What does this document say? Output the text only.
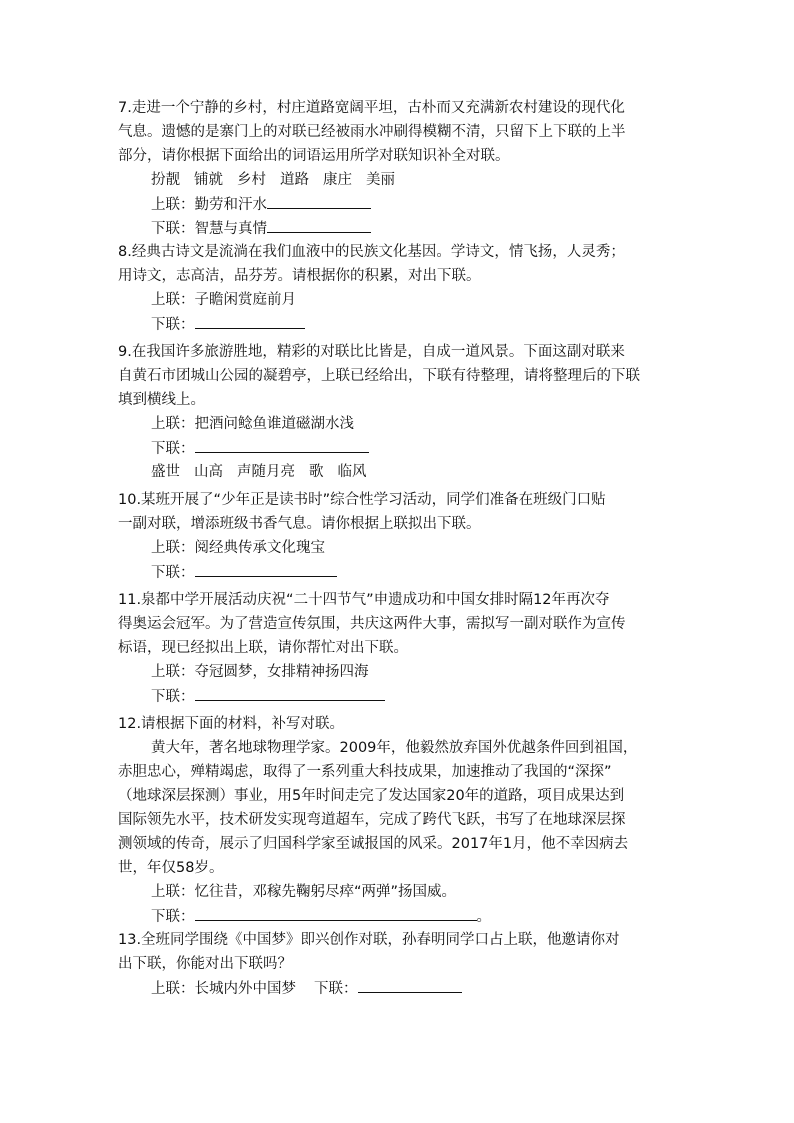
7.走进一个宁静的乡村，村庄道路宽阔平坦，古朴而又充满新农村建设的现代化
气息。遗憾的是寨门上的对联已经被雨水冲刷得模糊不清，只留下上下联的上半
部分，请你根据下面给出的词语运用所学对联知识补全对联。
扮靓 铺就 乡村 道路 康庄 美丽
上联：勤劳和汗水
下联：智慧与真情
8.经典古诗文是流淌在我们血液中的民族文化基因。学诗文，情飞扬，人灵秀；
用诗文，志高洁，品芬芳。请根据你的积累，对出下联。
上联：子瞻闲赏庭前月
下联：
9.在我国许多旅游胜地，精彩的对联比比皆是，自成一道风景。下面这副对联来
自黄石市团城山公园的凝碧亭，上联已经给出，下联有待整理，请将整理后的下联
填到横线上。
上联：把酒问鲶鱼谁道磁湖水浅
下联：
盛世 山高 声随月亮 歌 临风
10.某班开展了“少年正是读书时”综合性学习活动，同学们准备在班级门口贴
一副对联，增添班级书香气息。请你根据上联拟出下联。
上联：阅经典传承文化瑰宝
下联：
11.泉都中学开展活动庆祝“二十四节气”申遗成功和中国女排时隔12年再次夺
得奥运会冠军。为了营造宣传氛围，共庆这两件大事，需拟写一副对联作为宣传
标语，现已经拟出上联，请你帮忙对出下联。
上联：夺冠圆梦，女排精神扬四海
下联：
12.请根据下面的材料，补写对联。
黄大年，著名地球物理学家。2009年，他毅然放弃国外优越条件回到祖国，
赤胆忠心，殚精竭虑，取得了一系列重大科技成果，加速推动了我国的“深探”
（地球深层探测）事业，用5年时间走完了发达国家20年的道路，项目成果达到
国际领先水平，技术研发实现弯道超车，完成了跨代飞跃，书写了在地球深层探
测领域的传奇，展示了归国科学家至诚报国的风采。2017年1月，他不幸因病去
世，年仅58岁。
上联：忆往昔，邓稼先鞠躬尽瘁“两弹”扬国威。
下联：	。
13.全班同学围绕《中国梦》即兴创作对联，孙春明同学口占上联，他邀请你对
出下联，你能对出下联吗？
上联：长城内外中国梦 下联：
